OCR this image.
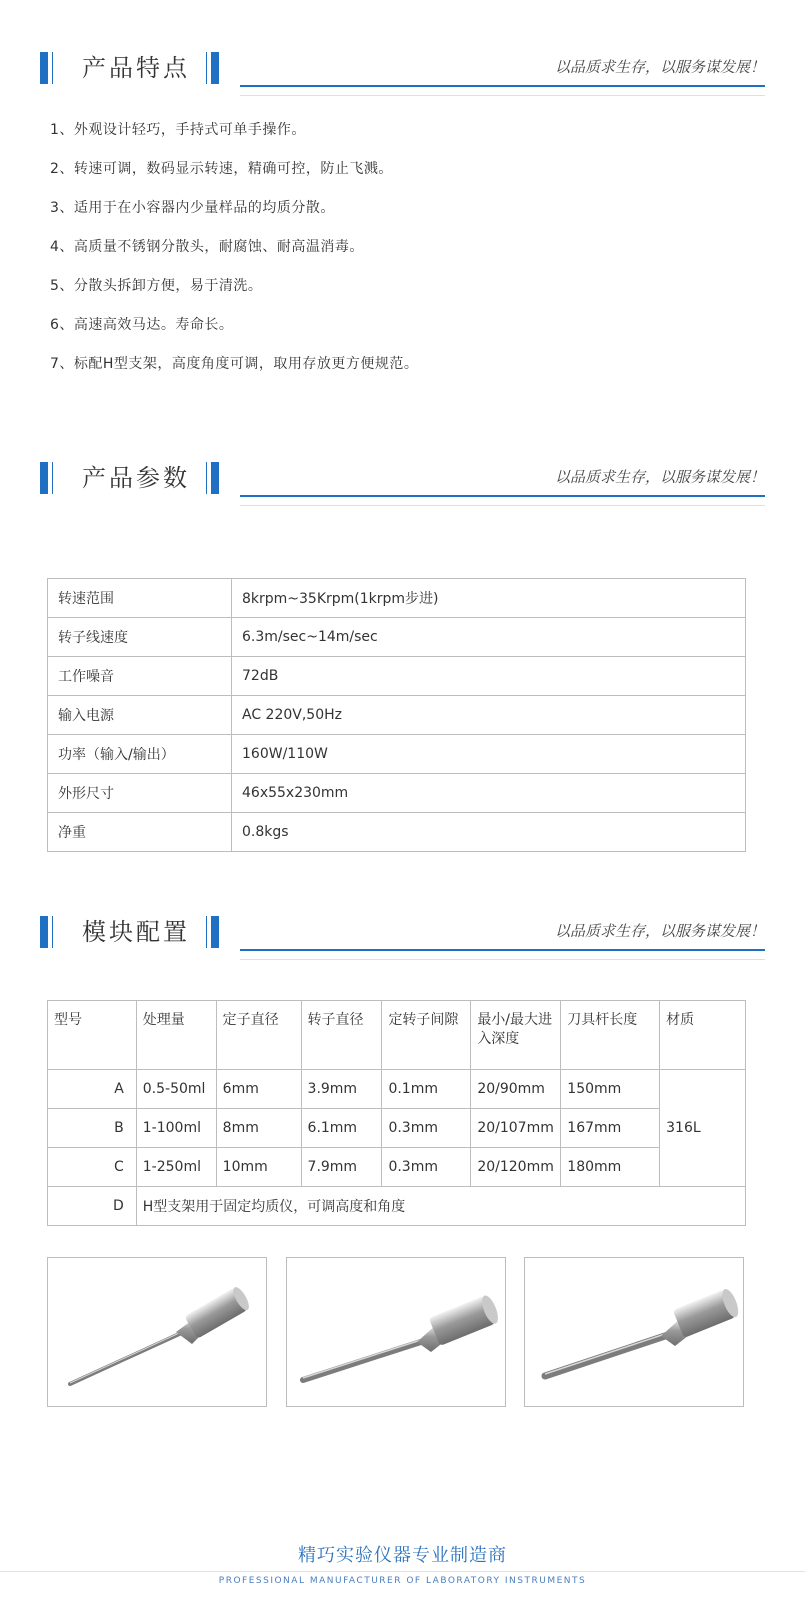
产品特点	以品质求生存，以服务谋发展！
1、外观设计轻巧，手持式可单手操作。
2、转速可调，数码显示转速，精确可控，防止飞溅。
3、适用于在小容器内少量样品的均质分散。
4、高质量不锈钢分散头，耐腐蚀、耐高温消毒。
5、分散头拆卸方便，易于清洗。
6、高速高效马达。寿命长。
7、标配H型支架，高度角度可调，取用存放更方便规范。
产品参数	以品质求生存，以服务谋发展！
转速范围	8krpm~35Krpm(1krpm步进)
转子线速度	6.3m/sec~14m/sec
工作噪音	72dB
输入电源	AC 220V,50Hz
功率（输入/输出）	160W/110W
外形尺寸	46x55x230mm
净重	0.8kgs
模块配置	以品质求生存，以服务谋发展！
型号	处理量	定子直径	转子直径	定转子间隙	最小/最大进入深度	刀具杆长度	材质
A	0.5-50ml	6mm	3.9mm	0.1mm	20/90mm	150mm	316L
B	1-100ml	8mm	6.1mm	0.3mm	20/107mm	167mm	
C	1-250ml	10mm	7.9mm	0.3mm	20/120mm	180mm	
D	H型支架用于固定均质仪，可调高度和角度						
精巧实验仪器专业制造商
PROFESSIONAL MANUFACTURER OF LABORATORY INSTRUMENTS
